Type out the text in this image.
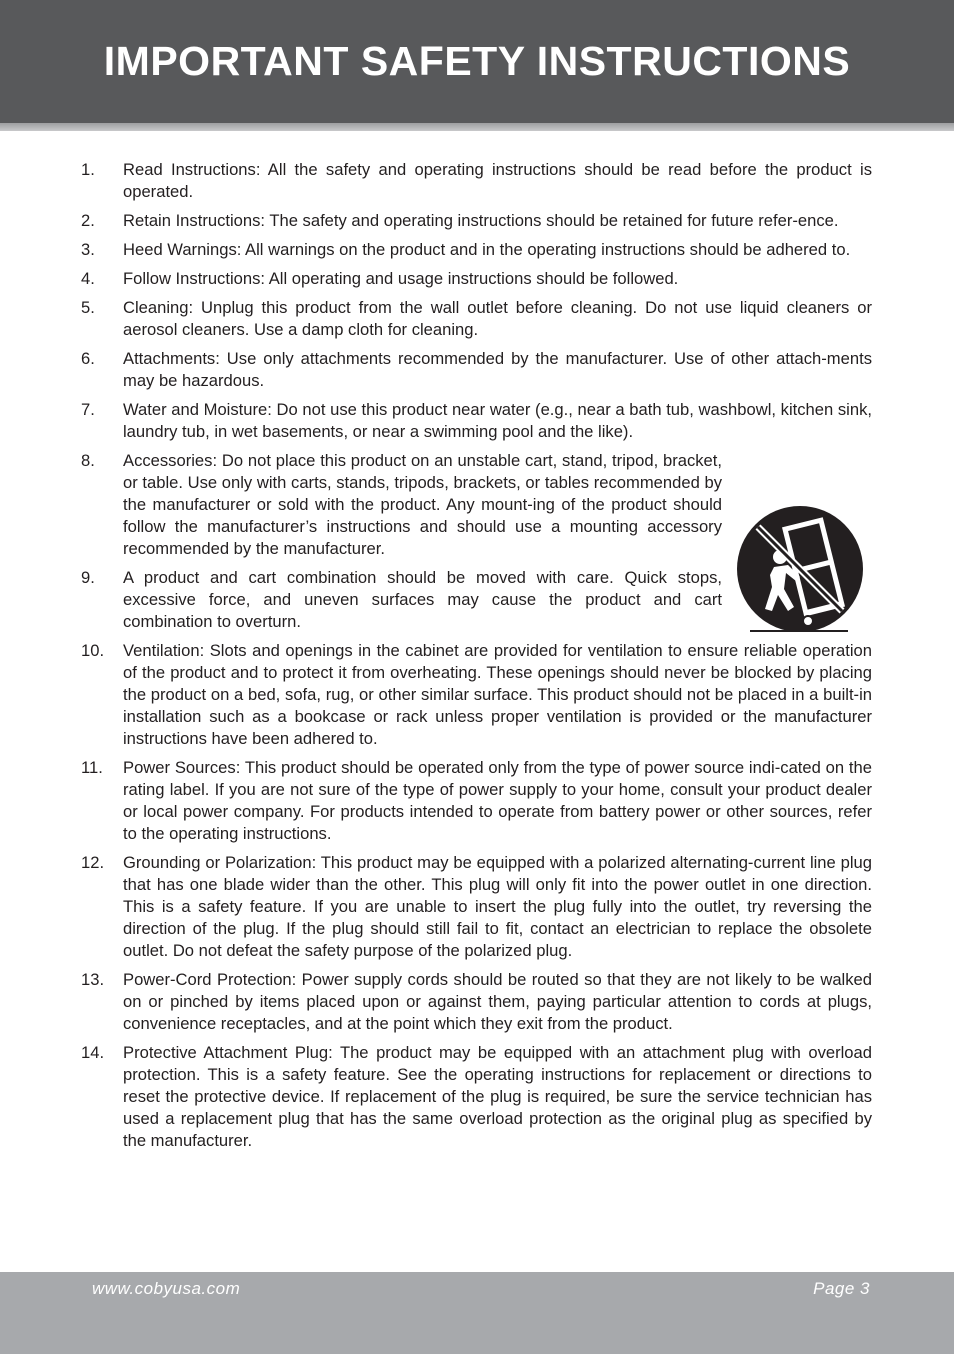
IMPORTANT SAFETY INSTRUCTIONS
1. Read Instructions: All the safety and operating instructions should be read before the product is operated.
2. Retain Instructions: The safety and operating instructions should be retained for future refer-ence.
3. Heed Warnings: All warnings on the product and in the operating instructions should be adhered to.
4. Follow Instructions: All operating and usage instructions should be followed.
5. Cleaning: Unplug this product from the wall outlet before cleaning. Do not use liquid cleaners or aerosol cleaners. Use a damp cloth for cleaning.
6. Attachments: Use only attachments recommended by the manufacturer. Use of other attach-ments may be hazardous.
7. Water and Moisture: Do not use this product near water (e.g., near a bath tub, washbowl, kitchen sink, laundry tub, in wet basements, or near a swimming pool and the like).
8. Accessories: Do not place this product on an unstable cart, stand, tripod, bracket, or table. Use only with carts, stands, tripods, brackets, or tables recommended by the manufacturer or sold with the product. Any mount-ing of the product should follow the manufacturer’s instructions and should use a mounting accessory recommended by the manufacturer.
9. A product and cart combination should be moved with care. Quick stops, excessive force, and uneven surfaces may cause the product and cart combination to overturn.
10. Ventilation: Slots and openings in the cabinet are provided for ventilation to ensure reliable operation of the product and to protect it from overheating. These openings should never be blocked by placing the product on a bed, sofa, rug, or other similar surface. This product should not be placed in a built-in installation such as a bookcase or rack unless proper ventilation is provided or the manufacturer instructions have been adhered to.
11. Power Sources: This product should be operated only from the type of power source indi-cated on the rating label. If you are not sure of the type of power supply to your home, consult your product dealer or local power company. For products intended to operate from battery power or other sources, refer to the operating instructions.
12. Grounding or Polarization: This product may be equipped with a polarized alternating-current line plug that has one blade wider than the other. This plug will only fit into the power outlet in one direction. This is a safety feature. If you are unable to insert the plug fully into the outlet, try reversing the direction of the plug. If the plug should still fail to fit, contact an electrician to replace the obsolete outlet. Do not defeat the safety purpose of the polarized plug.
13. Power-Cord Protection: Power supply cords should be routed so that they are not likely to be walked on or pinched by items placed upon or against them, paying particular attention to cords at plugs, convenience receptacles, and at the point which they exit from the product.
14. Protective Attachment Plug: The product may be equipped with an attachment plug with overload protection. This is a safety feature. See the operating instructions for replacement or directions to reset the protective device. If replacement of the plug is required, be sure the service technician has used a replacement plug that has the same overload protection as the original plug as specified by the manufacturer.
www.cobyusa.com	Page 3
